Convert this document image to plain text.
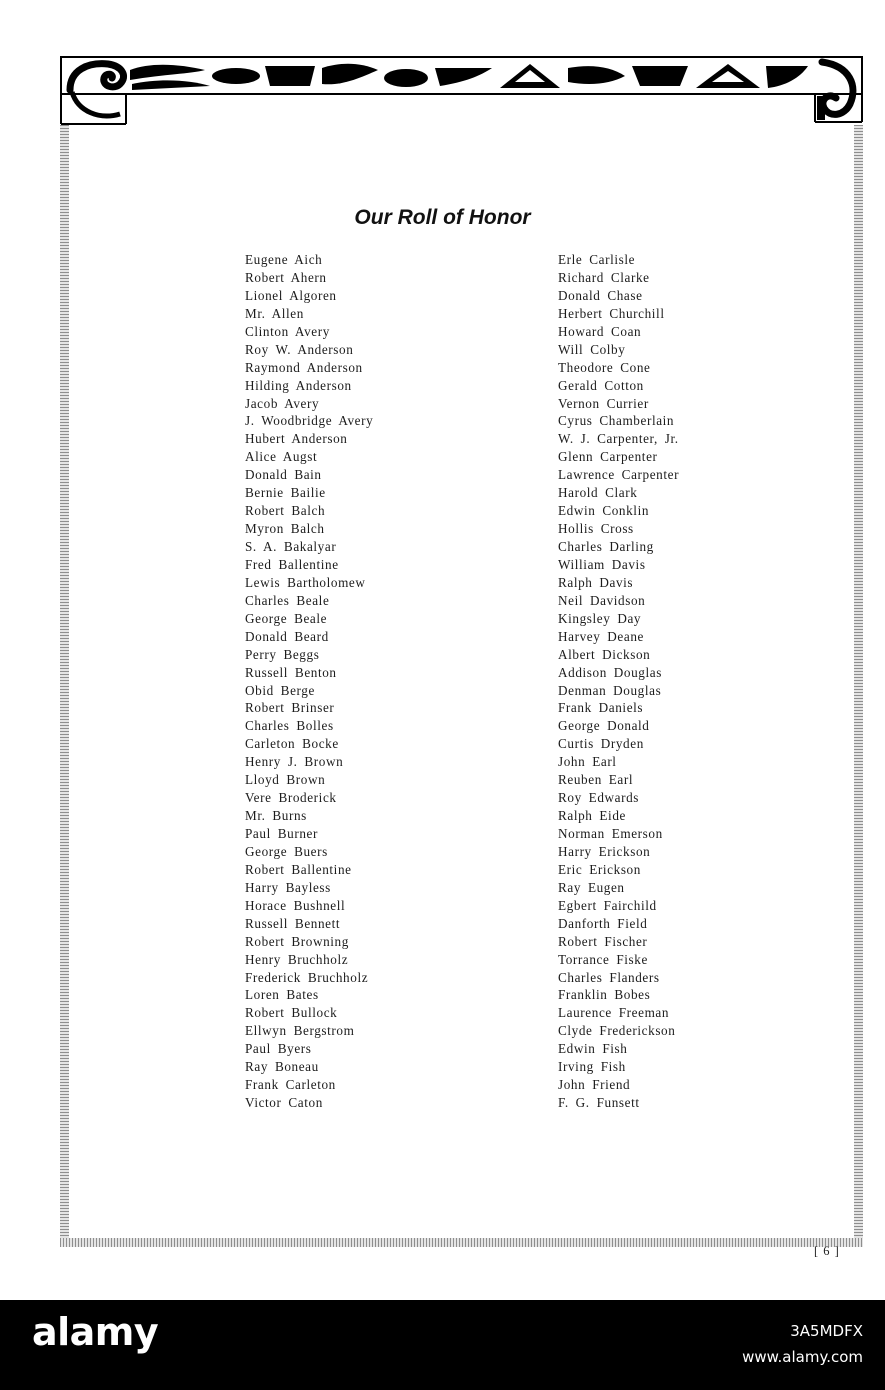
Our Roll of Honor
Eugene Aich
Robert Ahern
Lionel Algoren
Mr. Allen
Clinton Avery
Roy W. Anderson
Raymond Anderson
Hilding Anderson
Jacob Avery
J. Woodbridge Avery
Hubert Anderson
Alice Augst
Donald Bain
Bernie Bailie
Robert Balch
Myron Balch
S. A. Bakalyar
Fred Ballentine
Lewis Bartholomew
Charles Beale
George Beale
Donald Beard
Perry Beggs
Russell Benton
Obid Berge
Robert Brinser
Charles Bolles
Carleton Bocke
Henry J. Brown
Lloyd Brown
Vere Broderick
Mr. Burns
Paul Burner
George Buers
Robert Ballentine
Harry Bayless
Horace Bushnell
Russell Bennett
Robert Browning
Henry Bruchholz
Frederick Bruchholz
Loren Bates
Robert Bullock
Ellwyn Bergstrom
Paul Byers
Ray Boneau
Frank Carleton
Victor Caton
Erle Carlisle
Richard Clarke
Donald Chase
Herbert Churchill
Howard Coan
Will Colby
Theodore Cone
Gerald Cotton
Vernon Currier
Cyrus Chamberlain
W. J. Carpenter, Jr.
Glenn Carpenter
Lawrence Carpenter
Harold Clark
Edwin Conklin
Hollis Cross
Charles Darling
William Davis
Ralph Davis
Neil Davidson
Kingsley Day
Harvey Deane
Albert Dickson
Addison Douglas
Denman Douglas
Frank Daniels
George Donald
Curtis Dryden
John Earl
Reuben Earl
Roy Edwards
Ralph Eide
Norman Emerson
Harry Erickson
Eric Erickson
Ray Eugen
Egbert Fairchild
Danforth Field
Robert Fischer
Torrance Fiske
Charles Flanders
Franklin Bobes
Laurence Freeman
Clyde Frederickson
Edwin Fish
Irving Fish
John Friend
F. G. Funsett
[ 6 ]
alamy	3A5MDFX
www.alamy.com
